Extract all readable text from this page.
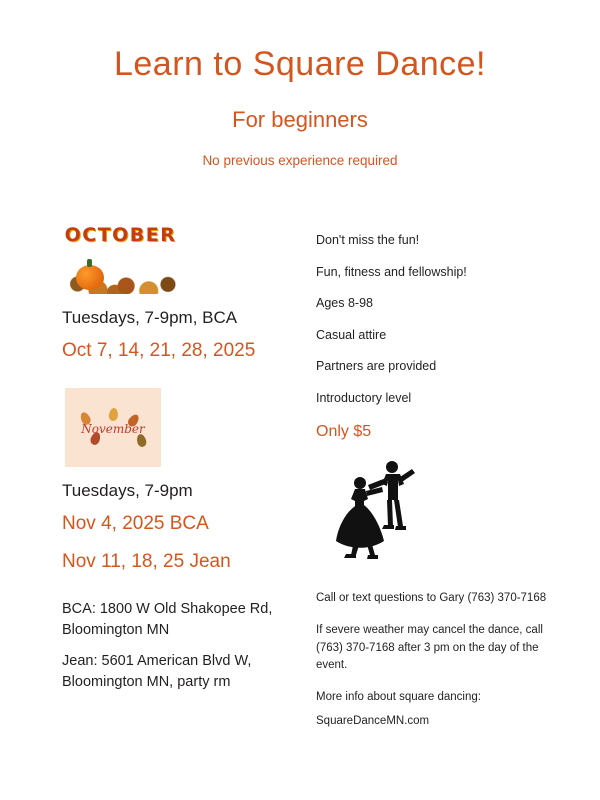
Learn to Square Dance!

For beginners

No previous experience required

OCTOBER

Tuesdays, 7-9pm, BCA

Oct 7, 14, 21, 28, 2025

November

Tuesdays, 7-9pm

Nov 4, 2025 BCA

Nov 11, 18, 25 Jean

BCA: 1800 W Old Shakopee Rd,

Bloomington MN

Jean: 5601 American Blvd W,

Bloomington MN, party rm

Don't miss the fun!
Fun, fitness and fellowship!
Ages 8-98
Casual attire
Partners are provided
Introductory level

Only $5

Call or text questions to Gary (763) 370-7168

If severe weather may cancel the dance, call (763) 370-7168 after 3 pm on the day of the event.

More info about square dancing:

SquareDanceMN.com
